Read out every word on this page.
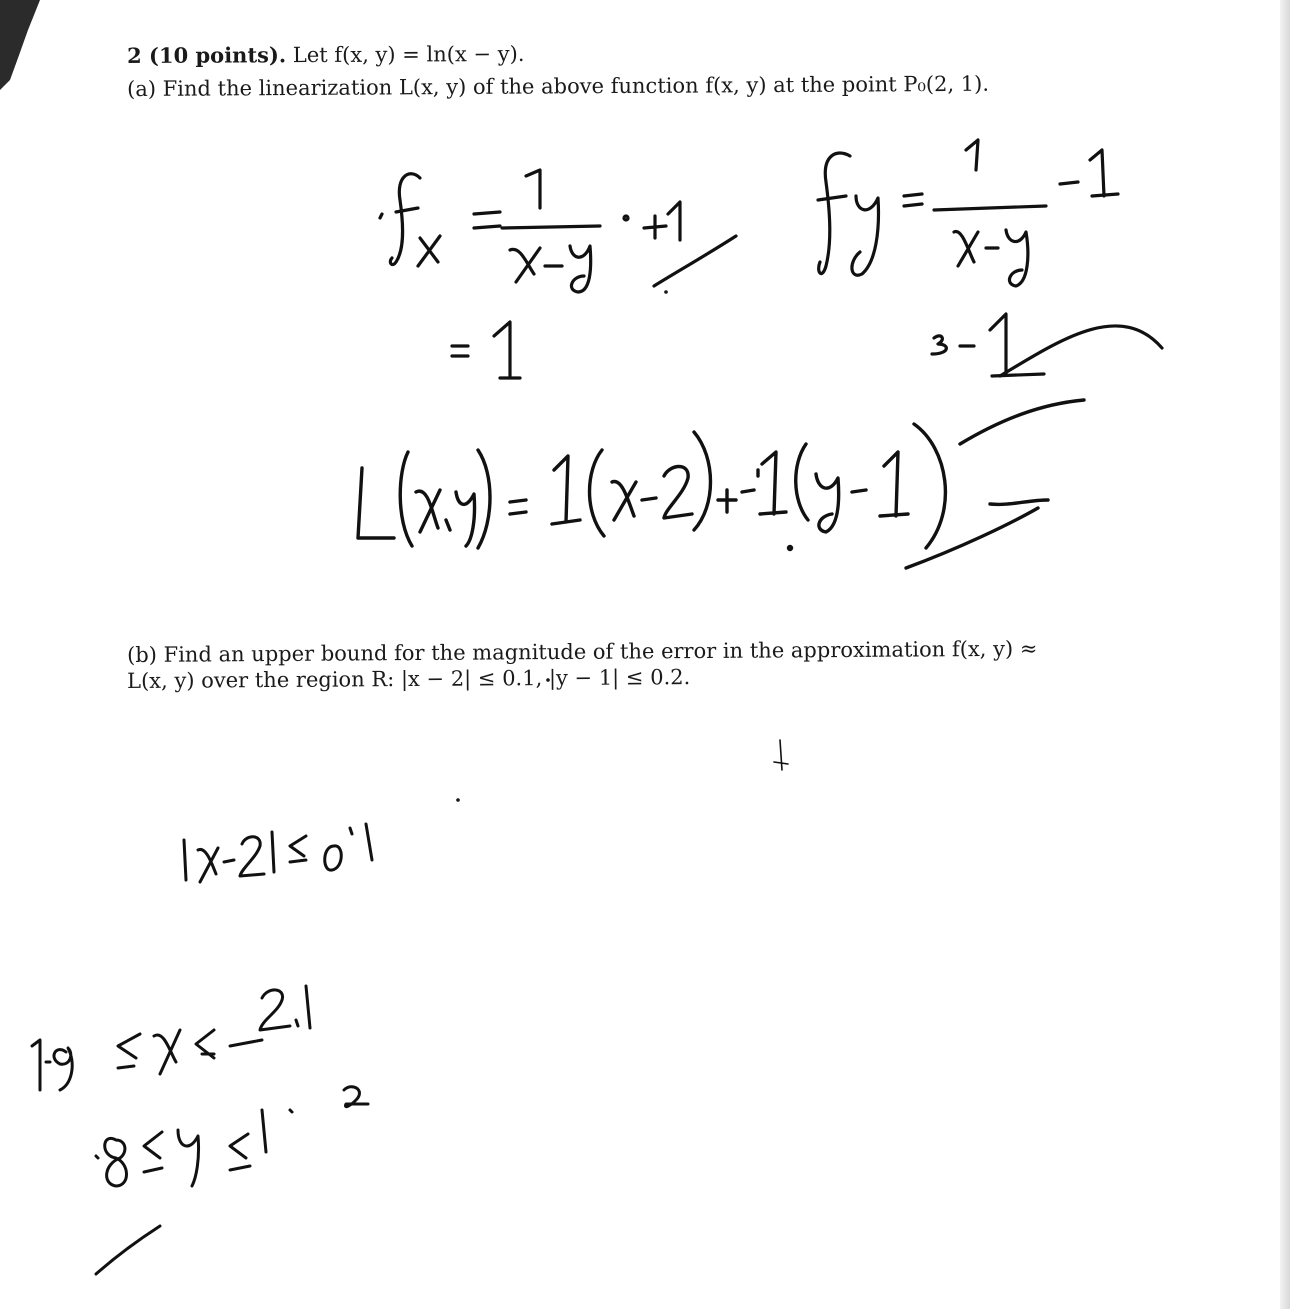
2 (10 points). Let f(x, y) = ln(x − y).
(a) Find the linearization L(x, y) of the above function f(x, y) at the point P₀(2, 1).
(b) Find an upper bound for the magnitude of the error in the approximation f(x, y) ≈
L(x, y) over the region R: |x − 2| ≤ 0.1, |y − 1| ≤ 0.2.
